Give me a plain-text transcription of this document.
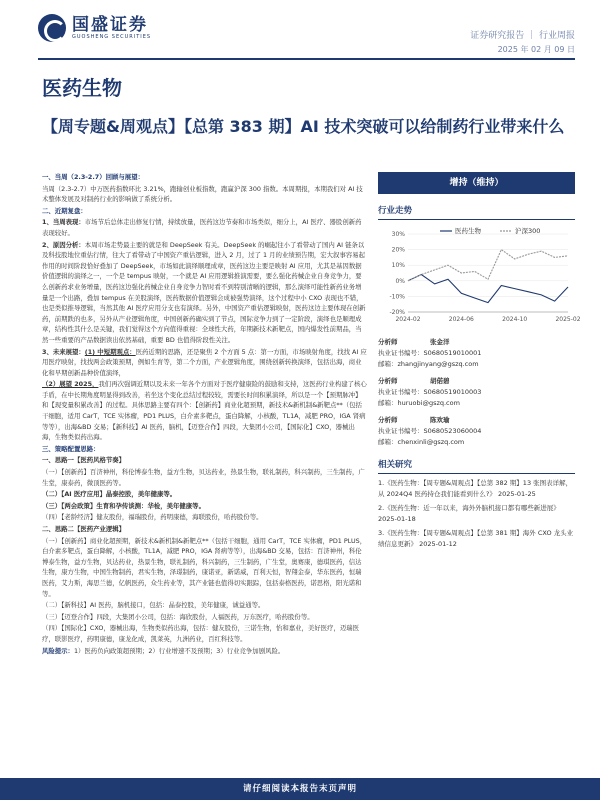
国盛证券
GUOSHENG SECURITIES	证券研究报告 ｜ 行业周报
2025 年 02 月 09 日
医药生物
【周专题&周观点】【总第 383 期】AI 技术突破可以给制药行业带来什么

一、当周（2.3-2.7）回顾与展望：

当周（2.3-2.7）中万医药指数环比 3.21%，跑输创业板指数，跑赢沪深 300 指数。本周期报，本期我们对 AI 技术整体发展及对制药行业的影响做了系统分析。

二、近期复盘：

1、当周表现：市场节后总体走出修复行情，持续放量，医药这边节奏和市场类似，细分上，AI 医疗、器股创新药表现较好。

2、原因分析：本周市场走势最主要的就是和 DeepSeek 有关。DeepSeek 的崛起往小了看带动了国内 AI 链条以及科技股地位重估行情，往大了看带动了中国资产重估逻辑，进入 2 月，过了 1 月的业绩预告期，宏大叙事容易起作用的时间阶段恰好叠加了 DeepSeek，市场如此演绎顺理成章，医药这边主要是映射 AI 应用，尤其是基因数据价值逻辑的演绎之一，一个是 tempus 映射，一个就是 AI 应用逻辑推演需要，要么强化药械企业自身竞争力，要么创新药求业务增量，医药这边强化药械企业自身竞争力智时看不到特别清晰的逻辑，那么演绎可能性新药业务增量是一个出路，叠加 tempus 在美股演绎，医药数据价值逻辑会成被强势演绎，这个过程中小 CXO 表现也不错，也是类似推导逻辑，当然其他 AI 医疗应用分支也有演绎。另外，中国资产重估逻辑映射，医药这边主要体现在创新药，前期跌的也多，另外从产业逻辑角度，中国创新药确实到了节点，国际竞争力到了一定阶段，演绎也是顺理成章，结构性其什么是关键，我们觉得这个方向值得重视：全球性大药，年期新技术新靶点，国内爆发性前期品，当然一些重要的产品数据读出依然基础，重要 BD 也值得阶段性关注。

3、未来展望：(1) 中短期观点：医药近期的思路，还是聚焦 2 个方面 5 点：第一方面，市场映射角度，找找 AI 应用医疗映射，找找两会政策预期，例如生育等，第二个方面，产业逻辑角度，围绕创新转换演绎，包括出海，商业化和早期创新品种价值演绎，

（2）展望 2025，我们再次强调近期以及未来一年各个方面对于医疗健康险的鼓励和支持，这医药行业构建了核心手盾，在中长期角度明显得到改善，若坐这个变化总结过程较较，需要长时间积累演绎，所以是一个【预期脉冲】和【现变量积累改善】的过程。具体思路主要有四个：【创新药】商业化超预期，新技术&新机制&新靶点**（包括干细胞，适用 CarT，TCE 实体瘤，PD1 PLUS，白介素多靶点，蛋白降解，小核酸，TL1A，减肥 PRO，IGA 肾病等等），出海&BD 交易；【新科技】AI 医药，脑机，【迈登合作】四段，大集团小公司，【国际化】CXO，器械出海，生物类似药出海。

三、策略配置思路：

一、思路一【医药风格节奏】

（一）【创新药】百济神州，科伦博泰生物，益方生物，贝达药业，热景生物，联礼制药，科兴制药，三生制药，广生堂，康泰药，微顶医药等。

（二）【AI 医疗应用】晶泰控股，美年健康等。

（三）【两会政策】生育和孕传谈测：华检，美年健康等。

（四）【老龄经济】健友股份，福瑞股份，药明康德，海联股份，哈药股份等。

二、思路二【医药产业逻辑】

（一）【创新药】商业化超预期，新技术&新机制&新靶点**（包括干细胞，通用 CarT，TCE 实体瘤，PD1 PLUS，白介素多靶点，蛋白降解，小核酸，TL1A，减肥 PRO，IGA 肾病等等），出海&BD 交易，包括：百济神州，科伦博泰生物，益方生物，贝达药业，热景生物，联礼制药，科兴制药，三生制药，广生堂，奥赛康，德琪医药，信达生物，康方生物，中国生物制药，君实生物，泽璟制药，康诺亚，新诺威，百利天恒，智翔金泰，华东医药，恒瑞医药，艾力斯，海思兰德，亿帆医药，众生药业等，其产业链也值得切实跟踪，包括泰格医药，诺思格，阳光诺和等。

（二）【新科技】AI 医药，脑机接口，包括：晶泰控股，美年健康，诚益通等。

（三）【迈登合作】四段，大集团小公司，包括：海欣股份，人福医药，万东医疗，哈药股份等。

（四）【国际化】CXO，器械出海，生物类似药出海，包括：健友股份，三诺生物，怡和嘉业，美好医疗，迈瑞医疗，联影医疗，药明康德，康龙化成，凯莱英，九洲药业，百红科技等。

风险提示：1）医药负向政策超预期；2）行业增速不及预期；3）行业竞争加剧风险。

增持（维持）
行业走势
30%
20%
10%
0%
-10%
-20%
2024-02	2024-06	2024-10	2025-02
医药生物	沪深300
分析师	张金洋
执业证书编号： S0680519010001
邮箱： zhangjinyang@gszq.com
分析师	胡偌碧
执业证书编号： S0680519010003
邮箱： huruobi@gszq.com
分析师	陈欢瑜
执业证书编号： S0680523060004
邮箱： chenxinli@gszq.com
相关研究
1.《医药生物：【周专题&周观点】【总第 382 期】13 张图表详解，从 2024Q4 医药持仓我们能看到什么?》 2025-01-25
2.《医药生物：近一年以来，海外外脑机接口都有哪些新进展》 2025-01-18
3.《医药生物：【周专题&周观点】【总第 381 期】海外 CXO 龙头业绩信息更新》 2025-01-12
请仔细阅读本报告末页声明
